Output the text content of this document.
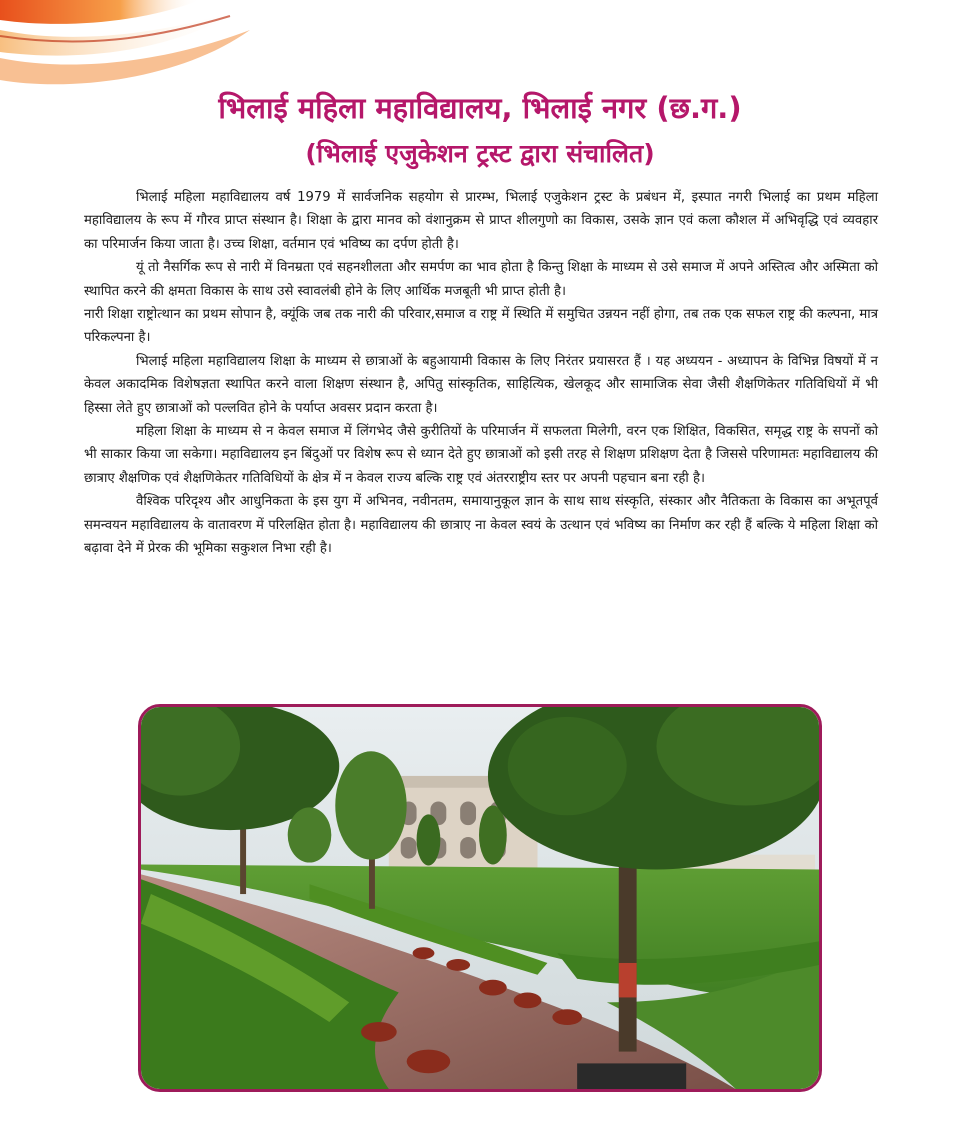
भिलाई महिला महाविद्यालय, भिलाई नगर (छ.ग.)
(भिलाई एजुकेशन ट्रस्ट द्वारा संचालित)

भिलाई महिला महाविद्यालय वर्ष 1979 में सार्वजनिक सहयोग से प्रारम्भ, भिलाई एजुकेशन ट्रस्ट के प्रबंधन में, इस्पात नगरी भिलाई का प्रथम महिला महाविद्यालय के रूप में गौरव प्राप्त संस्थान है। शिक्षा के द्वारा मानव को वंशानुक्रम से प्राप्त शीलगुणो का विकास, उसके ज्ञान एवं कला कौशल में अभिवृद्धि एवं व्यवहार का परिमार्जन किया जाता है। उच्च शिक्षा, वर्तमान एवं भविष्य का दर्पण होती है।

यूं तो नैसर्गिक रूप से नारी में विनम्रता एवं सहनशीलता और समर्पण का भाव होता है किन्तु शिक्षा के माध्यम से उसे समाज में अपने अस्तित्व और अस्मिता को स्थापित करने की क्षमता विकास के साथ उसे स्वावलंबी होने के लिए आर्थिक मजबूती भी प्राप्त होती है।

नारी शिक्षा राष्ट्रोत्थान का प्रथम सोपान है, क्यूंकि जब तक नारी की परिवार,समाज व राष्ट्र में स्थिति में समुचित उन्नयन नहीं होगा, तब तक एक सफल राष्ट्र की कल्पना, मात्र परिकल्पना है।

भिलाई महिला महाविद्यालय शिक्षा के माध्यम से छात्राओं के बहुआयामी विकास के लिए निरंतर प्रयासरत हैं । यह अध्ययन - अध्यापन के विभिन्न विषयों में न केवल अकादमिक विशेषज्ञता स्थापित करने वाला शिक्षण संस्थान है, अपितु सांस्कृतिक, साहित्यिक, खेलकूद और सामाजिक सेवा जैसी शैक्षणिकेतर गतिविधियों में भी हिस्सा लेते हुए छात्राओं को पल्लवित होने के पर्याप्त अवसर प्रदान करता है।

महिला शिक्षा के माध्यम से न केवल समाज में लिंगभेद जैसे कुरीतियों के परिमार्जन में सफलता मिलेगी, वरन एक शिक्षित, विकसित, समृद्ध राष्ट्र के सपनों को भी साकार किया जा सकेगा। महाविद्यालय इन बिंदुओं पर विशेष रूप से ध्यान देते हुए छात्राओं को इसी तरह से शिक्षण प्रशिक्षण देता है जिससे परिणामतः महाविद्यालय की छात्राए शैक्षणिक एवं शैक्षणिकेतर गतिविधियों के क्षेत्र में न केवल राज्य बल्कि राष्ट्र एवं अंतरराष्ट्रीय स्तर पर अपनी पहचान बना रही है।

वैश्विक परिदृश्य और आधुनिकता के इस युग में अभिनव, नवीनतम, समायानुकूल ज्ञान के साथ साथ संस्कृति, संस्कार और नैतिकता के विकास का अभूतपूर्व समन्वयन महाविद्यालय के वातावरण में परिलक्षित होता है। महाविद्यालय की छात्राए ना केवल स्वयं के उत्थान एवं भविष्य का निर्माण कर रही हैं बल्कि ये महिला शिक्षा को बढ़ावा देने में प्रेरक की भूमिका सकुशल निभा रही है।
